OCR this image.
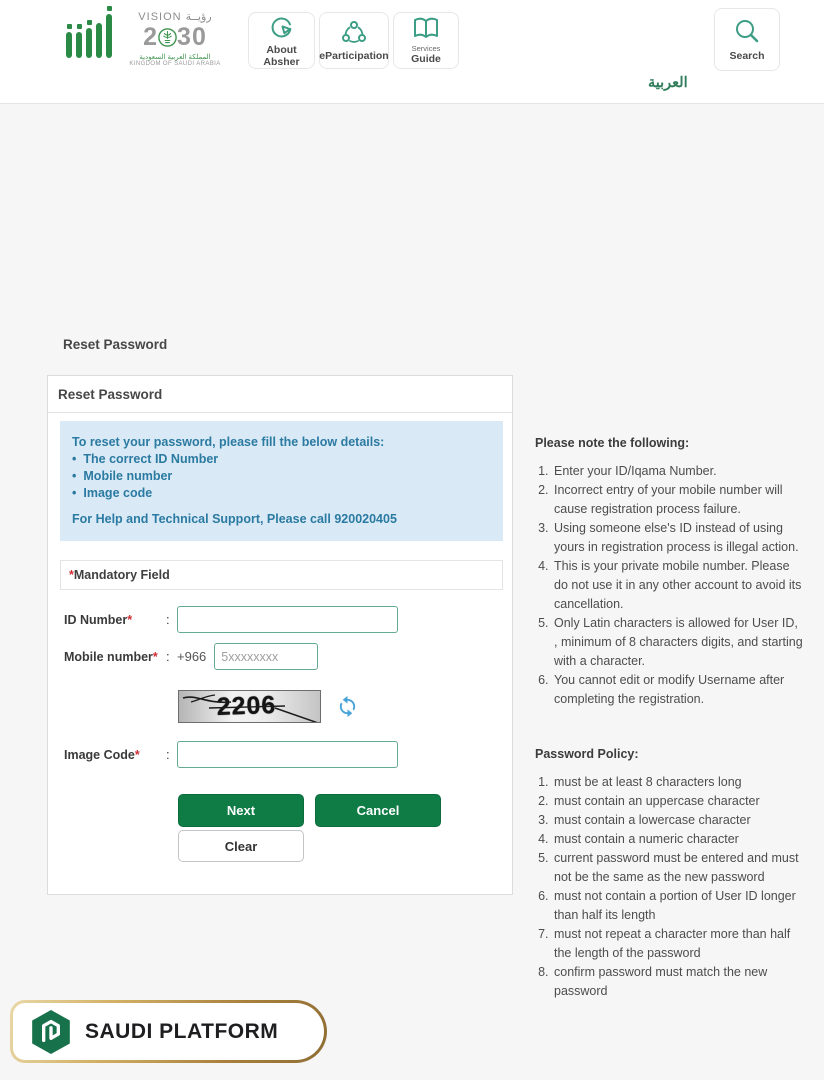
VISION رؤيــة
2 30
المملكة العربية السعودية
KINGDOM OF SAUDI ARABIA
About Absher	eParticipation
Services
Guide	Search
العربية
Reset Password
Reset Password
To reset your password, please fill the below details:
• The correct ID Number
• Mobile number
• Image code
For Help and Technical Support, Please call 920020405
*Mandatory Field
ID Number*	:
Mobile number* : +966
5xxxxxxxx
2206
Image Code*	:
Next	Cancel
Clear
Please note the following:
1. Enter your ID/Iqama Number.
2. Incorrect entry of your mobile number will cause registration process failure.
3. Using someone else's ID instead of using yours in registration process is illegal action.
4. This is your private mobile number. Please do not use it in any other account to avoid its cancellation.
5. Only Latin characters is allowed for User ID, , minimum of 8 characters digits, and starting with a character.
6. You cannot edit or modify Username after completing the registration.
Password Policy:
1. must be at least 8 characters long
2. must contain an uppercase character
3. must contain a lowercase character
4. must contain a numeric character
5. current password must be entered and must not be the same as the new password
6. must not contain a portion of User ID longer than half its length
7. must not repeat a character more than half the length of the password
8. confirm password must match the new password
SAUDI PLATFORM
